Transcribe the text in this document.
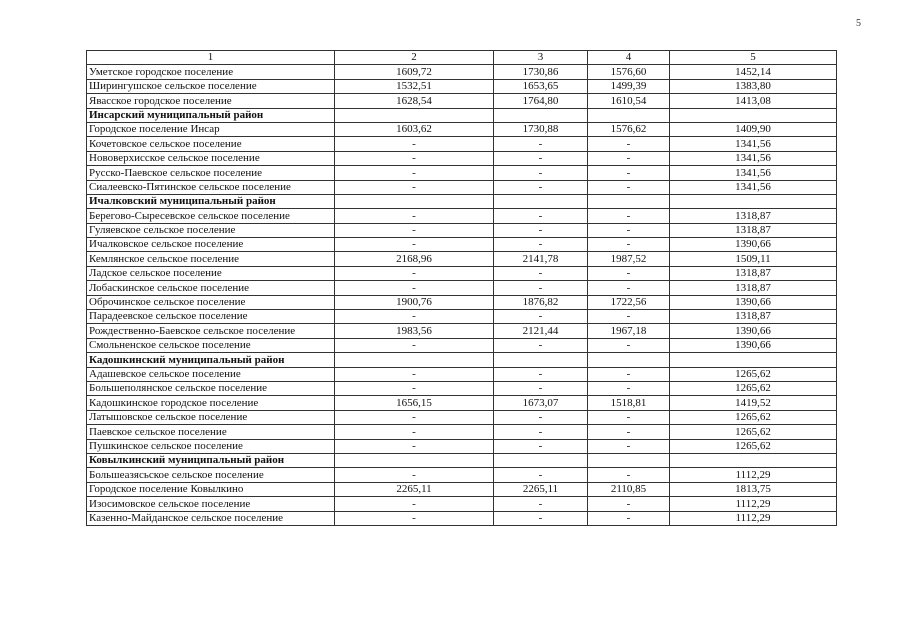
5
1	2	3	4	5
Уметское городское поселение	1609,72	1730,86	1576,60	1452,14
Ширингушское сельское поселение	1532,51	1653,65	1499,39	1383,80
Явасское городское поселение	1628,54	1764,80	1610,54	1413,08
Инсарский муниципальный район				
Городское поселение Инсар	1603,62	1730,88	1576,62	1409,90
Кочетовское сельское поселение	-	-	-	1341,56
Нововерхисское сельское поселение	-	-	-	1341,56
Русско-Паевское сельское поселение	-	-	-	1341,56
Сиалеевско-Пятинское сельское поселение	-	-	-	1341,56
Ичалковский муниципальный район				
Берегово-Сыресевское сельское поселение	-	-	-	1318,87
Гуляевское сельское поселение	-	-	-	1318,87
Ичалковское сельское поселение	-	-	-	1390,66
Кемлянское сельское поселение	2168,96	2141,78	1987,52	1509,11
Ладское сельское поселение	-	-	-	1318,87
Лобаскинское сельское поселение	-	-	-	1318,87
Оброчинское сельское поселение	1900,76	1876,82	1722,56	1390,66
Парадеевское сельское поселение	-	-	-	1318,87
Рождественно-Баевское сельское поселение	1983,56	2121,44	1967,18	1390,66
Смольненское сельское поселение	-	-	-	1390,66
Кадошкинский муниципальный район				
Адашевское сельское поселение	-	-	-	1265,62
Большеполянское сельское поселение	-	-	-	1265,62
Кадошкинское городское поселение	1656,15	1673,07	1518,81	1419,52
Латышовское сельское поселение	-	-	-	1265,62
Паевское сельское поселение	-	-	-	1265,62
Пушкинское сельское поселение	-	-	-	1265,62
Ковылкинский муниципальный район				
Большеазясьское сельское поселение	-	-	-	1112,29
Городское поселение Ковылкино	2265,11	2265,11	2110,85	1813,75
Изосимовское сельское поселение	-	-	-	1112,29
Казенно-Майданское сельское поселение	-	-	-	1112,29
